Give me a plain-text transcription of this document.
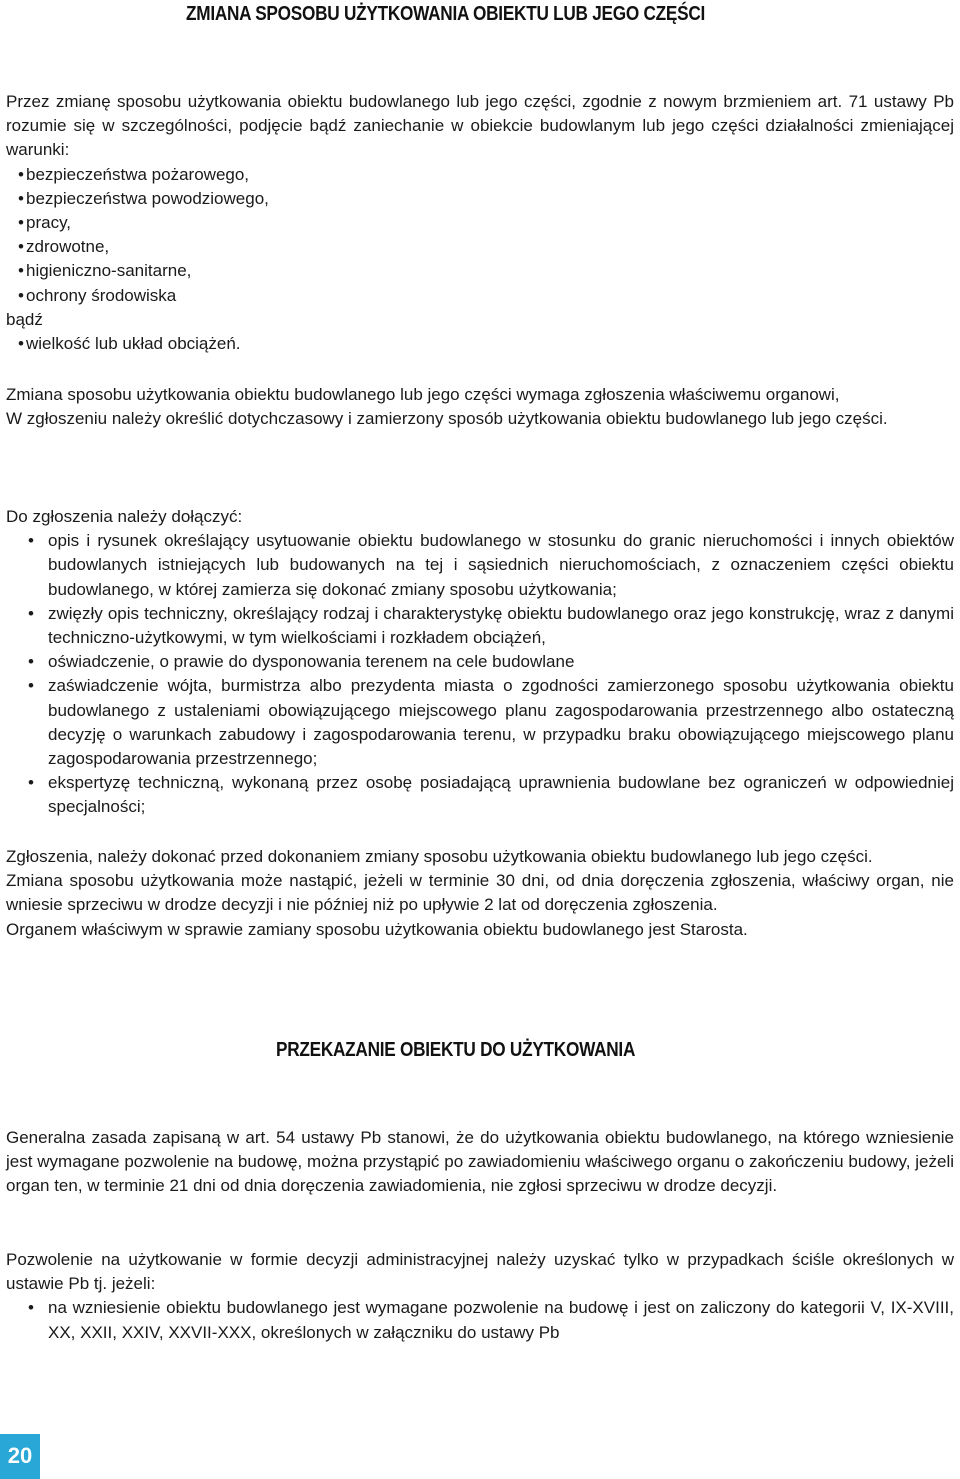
ZMIANA SPOSOBU UŻYTKOWANIA OBIEKTU LUB JEGO CZĘŚCI

Przez zmianę sposobu użytkowania obiektu budowlanego lub jego części, zgodnie z nowym brzmieniem art. 71 ustawy Pb rozumie się w szczególności, podjęcie bądź zaniechanie w obiekcie budowlanym lub jego części działalności zmieniającej warunki:

• bezpieczeństwa pożarowego,
• bezpieczeństwa powodziowego,
• pracy,
• zdrowotne,
• higieniczno-sanitarne,
• ochrony środowiska

bądź

• wielkość lub układ obciążeń.

Zmiana sposobu użytkowania obiektu budowlanego lub jego części wymaga zgłoszenia właściwemu organowi,

W zgłoszeniu należy określić dotychczasowy i zamierzony sposób użytkowania obiektu budowlanego lub jego części.

Do zgłoszenia należy dołączyć:

• opis i rysunek określający usytuowanie obiektu budowlanego w stosunku do granic nieruchomości i innych obiektów budowlanych istniejących lub budowanych na tej i sąsiednich nieruchomościach, z oznaczeniem części obiektu budowlanego, w której zamierza się dokonać zmiany sposobu użytkowania;
• zwięzły opis techniczny, określający rodzaj i charakterystykę obiektu budowlanego oraz jego konstrukcję, wraz z danymi techniczno-użytkowymi, w tym wielkościami i rozkładem obciążeń,
• oświadczenie, o prawie do dysponowania terenem na cele budowlane
• zaświadczenie wójta, burmistrza albo prezydenta miasta o zgodności zamierzonego sposobu użytkowania obiektu budowlanego z ustaleniami obowiązującego miejscowego planu zagospodarowania przestrzennego albo ostateczną decyzję o warunkach zabudowy i zagospodarowania terenu, w przypadku braku obowiązującego miejscowego planu zagospodarowania przestrzennego;
• ekspertyzę techniczną, wykonaną przez osobę posiadającą uprawnienia budowlane bez ograniczeń w odpowiedniej specjalności;

Zgłoszenia, należy dokonać przed dokonaniem zmiany sposobu użytkowania obiektu budowlanego lub jego części.

Zmiana sposobu użytkowania może nastąpić, jeżeli w terminie 30 dni, od dnia doręczenia zgłoszenia, właściwy organ, nie wniesie sprzeciwu w drodze decyzji i nie później niż po upływie 2 lat od doręczenia zgłoszenia.

Organem właściwym w sprawie zamiany sposobu użytkowania obiektu budowlanego jest Starosta.

PRZEKAZANIE OBIEKTU DO UŻYTKOWANIA

Generalna zasada zapisaną w art. 54 ustawy Pb stanowi, że do użytkowania obiektu budowlanego, na którego wzniesienie jest wymagane pozwolenie na budowę, można przystąpić po zawiadomieniu właściwego organu o zakończeniu budowy, jeżeli organ ten, w terminie 21 dni od dnia doręczenia zawiadomienia, nie zgłosi sprzeciwu w drodze decyzji.

Pozwolenie na użytkowanie w formie decyzji administracyjnej należy uzyskać tylko w przypadkach ściśle określonych w ustawie Pb tj. jeżeli:

• na wzniesienie obiektu budowlanego jest wymagane pozwolenie na budowę i jest on zaliczony do kategorii V, IX-XVIII, XX, XXII, XXIV, XXVII-XXX, określonych w załączniku do ustawy Pb
20
